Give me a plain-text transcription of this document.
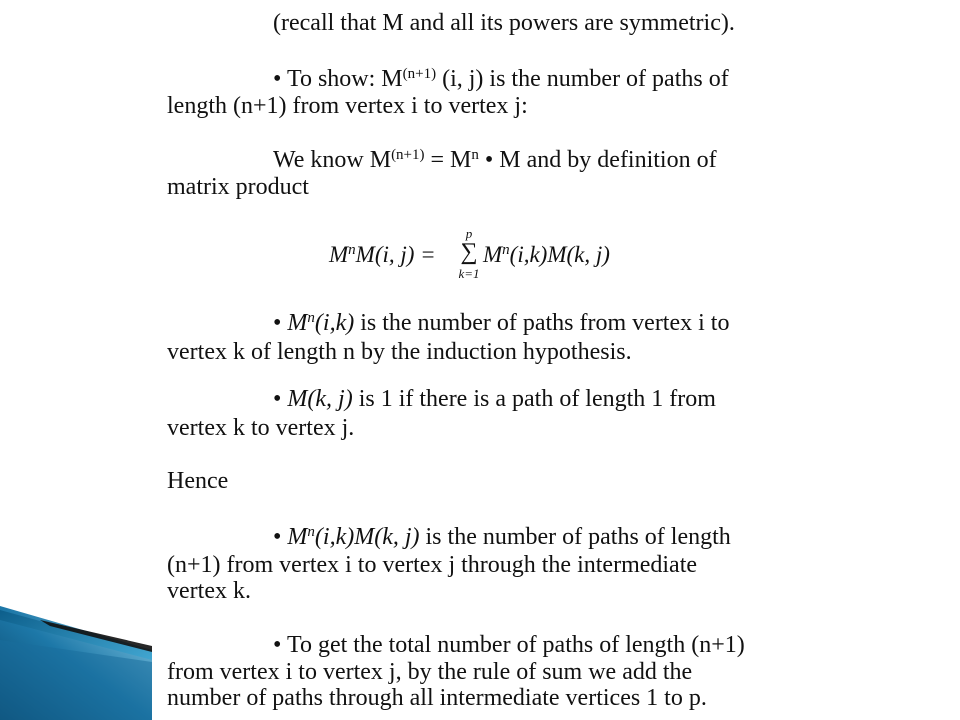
(recall that M and all its powers are symmetric).
• To show: $M^{(n+1)}$ (i, j) is the number of paths of
length (n+1) from vertex i to vertex j:
We know $M^{(n+1)} = M^n$ • M and by definition of
matrix product
$M^nM(i$, j) =
p
∑
k=1
$M^n(i,k)M(k$, j)
• $M^n(i,k)$ is the number of paths from vertex i to
vertex k of length n by the induction hypothesis.
• M(k, j) is 1 if there is a path of length 1 from
vertex k to vertex j.
Hence
• $M^n(i,k)M(k$, j) is the number of paths of length
(n+1) from vertex i to vertex j through the intermediate
vertex k.
• To get the total number of paths of length (n+1)
from vertex i to vertex j, by the rule of sum we add the
number of paths through all intermediate vertices 1 to p.
